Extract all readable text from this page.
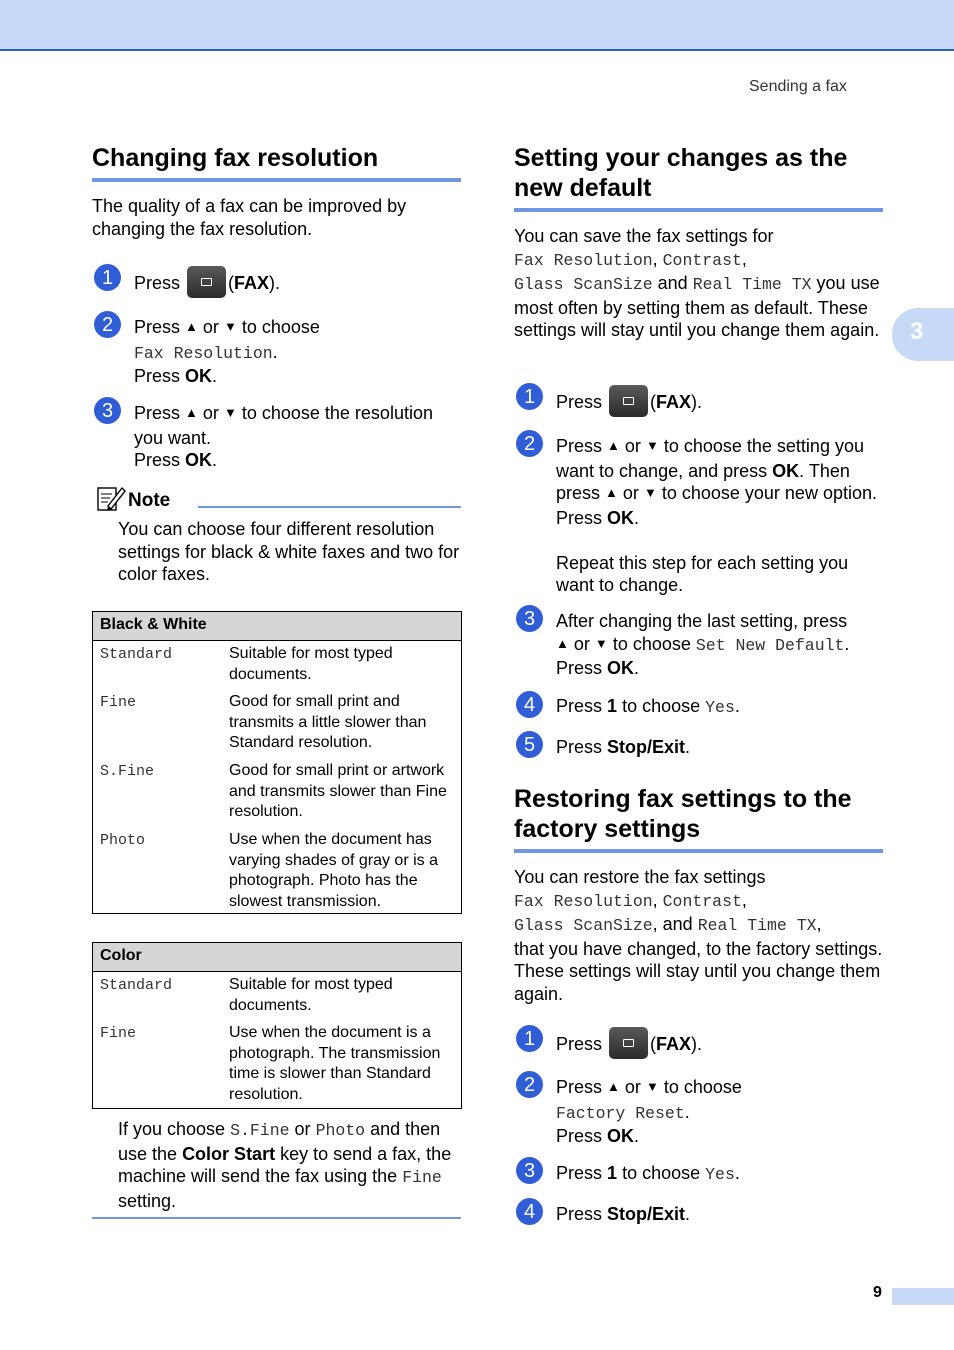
Sending a fax
3
9
Changing fax resolution

The quality of a fax can be improved by changing the fax resolution.

1	Press	(FAX).
2	Press ▲ or ▼ to choose
Fax Resolution.
Press OK.
3	Press ▲ or ▼ to choose the resolution you want.
Press OK.
Note

You can choose four different resolution settings for black & white faxes and two for color faxes.

Black & White
Standard	Suitable for most typed documents.
Fine	Good for small print and transmits a little slower than Standard resolution.
S.Fine	Good for small print or artwork and transmits slower than Fine resolution.
Photo	Use when the document has varying shades of gray or is a photograph. Photo has the slowest transmission.
Color
Standard	Suitable for most typed documents.
Fine	Use when the document is a photograph. The transmission time is slower than Standard resolution.

If you choose S.Fine or Photo and then use the Color Start key to send a fax, the machine will send the fax using the Fine setting.

Setting your changes as the
new default

You can save the fax settings for
Fax Resolution, Contrast,
Glass ScanSize and Real Time TX you use most often by setting them as default. These settings will stay until you change them again.

1	Press	(FAX).
2	Press ▲ or ▼ to choose the setting you want to change, and press OK. Then press ▲ or ▼ to choose your new option.
Press OK.

Repeat this step for each setting you want to change.
3	After changing the last setting, press
▲ or ▼ to choose Set New Default.
Press OK.
4	Press 1 to choose Yes.
5	Press Stop/Exit.
Restoring fax settings to the
factory settings

You can restore the fax settings
Fax Resolution, Contrast,
Glass ScanSize, and Real Time TX,
that you have changed, to the factory settings. These settings will stay until you change them again.

1	Press	(FAX).
2	Press ▲ or ▼ to choose
Factory Reset.
Press OK.
3	Press 1 to choose Yes.
4	Press Stop/Exit.
